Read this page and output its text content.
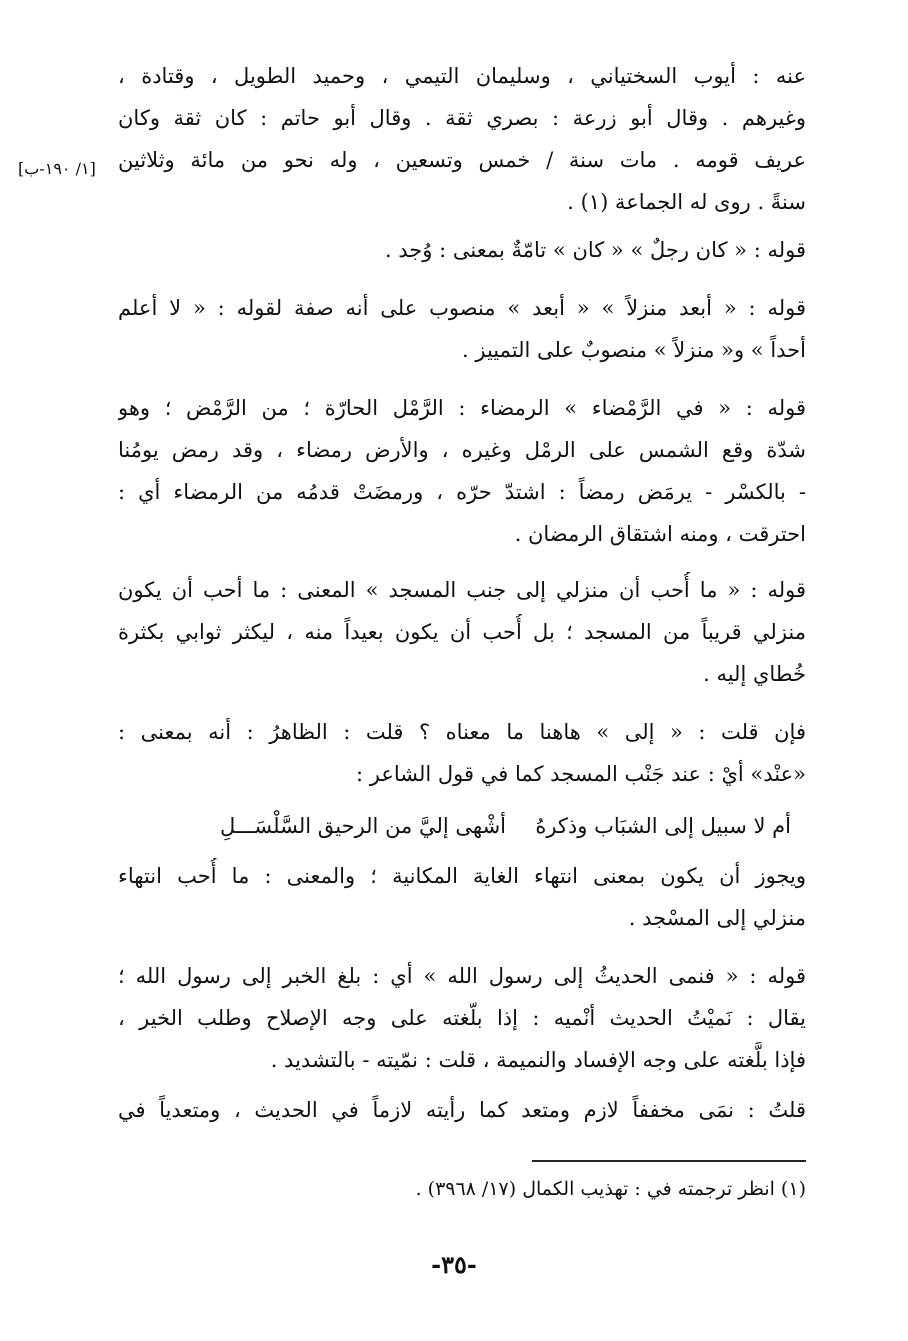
[١/ ١٩٠-ب]
عنه : أيوب السختياني ، وسليمان التيمي ، وحميد الطويل ، وقتادة ،
وغيرهم . وقال أبو زرعة : بصري ثقة . وقال أبو حاتم : كان ثقة وكان
عريف قومه . مات سنة / خمس وتسعين ، وله نحو من مائة وثلاثين
سنةً . روى له الجماعة (١) .
قوله : « كان رجلٌ » « كان » تامّةٌ بمعنى : وُجد .
قوله : « أبعد منزلاً » « أبعد » منصوب على أنه صفة لقوله : « لا أعلم
أحداً » و« منزلاً » منصوبٌ على التمييز .
قوله : « في الرَّمْضاء » الرمضاء : الرَّمْل الحارّة ؛ من الرَّمْض ؛ وهو
شدّة وقع الشمس على الرمْل وغيره ، والأرض رمضاء ، وقد رمض يومُنا
- بالكسْر - يرمَض رمضاً : اشتدّ حرّه ، ورمضَتْ قدمُه من الرمضاء أي :
احترقت ، ومنه اشتقاق الرمضان .
قوله : « ما أُحب أن منزلي إلى جنب المسجد » المعنى : ما أحب أن يكون
منزلي قريباً من المسجد ؛ بل أُحب أن يكون بعيداً منه ، ليكثر ثوابي بكثرة
خُطاي إليه .
فإن قلت : « إلى » هاهنا ما معناه ؟ قلت : الظاهرُ : أنه بمعنى :
«عنْد» أيْ : عند جَنْب المسجد كما في قول الشاعر :
ويجوز أن يكون بمعنى انتهاء الغاية المكانية ؛ والمعنى : ما أُحب انتهاء
منزلي إلى المسْجد .
قوله : « فنمى الحديثُ إلى رسول الله » أي : بلغ الخبر إلى رسول الله ؛
يقال : نَميْتُ الحديث أنْميه : إذا بلّغته على وجه الإصلاح وطلب الخير ،
فإذا بلَّغته على وجه الإفساد والنميمة ، قلت : نمّيته - بالتشديد .
قلتُ : نمَى مخففاً لازم ومتعد كما رأيته لازماً في الحديث ، ومتعدياً في
أم لا سبيل إلى الشبَاب وذكرهُ
أشْهى إليَّ من الرحيق السَّلْسَـــلِ
(١) انظر ترجمته في : تهذيب الكمال (١٧/ ٣٩٦٨) .
-٣٥-
